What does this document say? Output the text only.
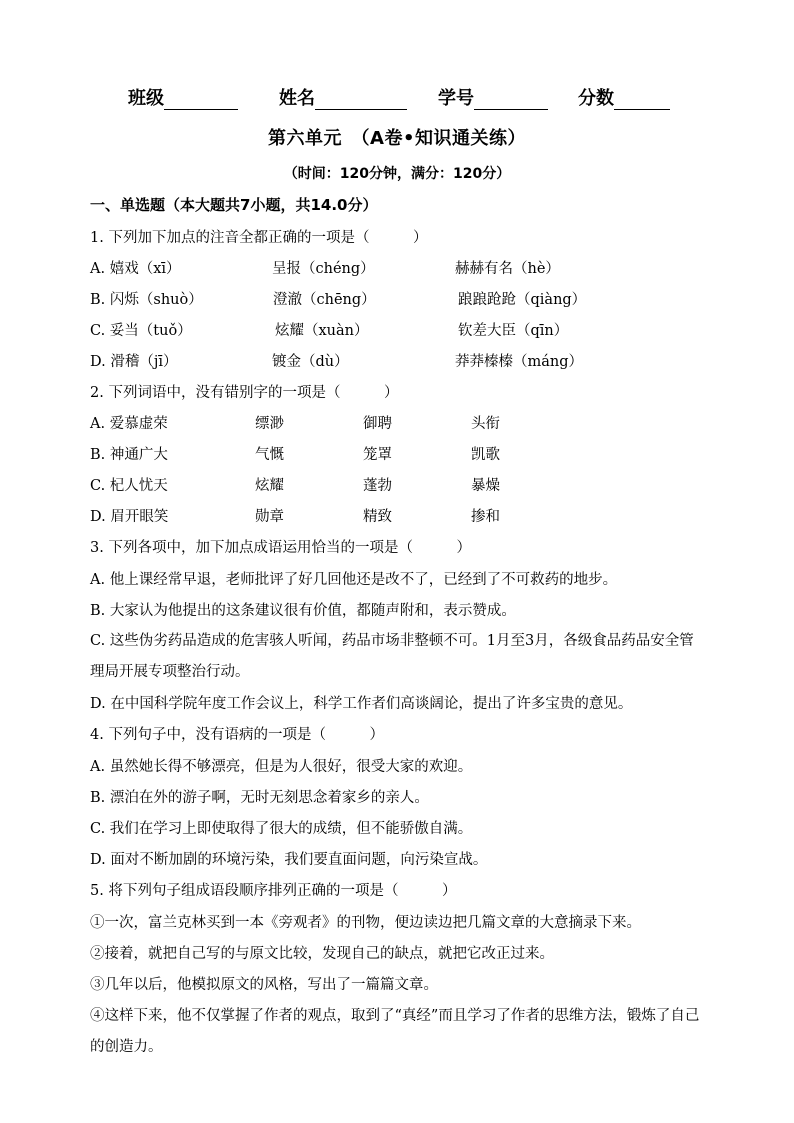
班级	姓名	学号	分数
第六单元　（A卷•知识通关练）
（时间：120分钟，满分：120分）
一、单选题（本大题共7小题，共14.0分）
1. 下列加下加点的注音全都正确的一项是（　　　）
A. 嬉戏（xī）	呈报（chéng）	赫赫有名（hè）
B. 闪烁（shuò）	澄澈（chēng）	踉踉跄跄（qiàng）
C. 妥当（tuǒ）	炫耀（xuàn）	钦差大臣（qīn）
D. 滑稽（jī）	镀金（dù）	莽莽榛榛（máng）
2. 下列词语中，没有错别字的一项是（　　　）
A. 爱慕虚荣	缥渺	御聘	头衔
B. 神通广大	气慨	笼罩	凯歌
C. 杞人忧天	炫耀	蓬勃	暴燥
D. 眉开眼笑	勋章	精致	掺和
3. 下列各项中，加下加点成语运用恰当的一项是（　　　）
A. 他上课经常早退，老师批评了好几回他还是改不了，已经到了不可救药的地步。
B. 大家认为他提出的这条建议很有价值，都随声附和，表示赞成。
C. 这些伪劣药品造成的危害骇人听闻，药品市场非整顿不可。1月至3月，各级食品药品安全管理局开展专项整治行动。
D. 在中国科学院年度工作会议上，科学工作者们高谈阔论，提出了许多宝贵的意见。
4. 下列句子中，没有语病的一项是（　　　）
A. 虽然她长得不够漂亮，但是为人很好，很受大家的欢迎。
B. 漂泊在外的游子啊，无时无刻思念着家乡的亲人。
C. 我们在学习上即使取得了很大的成绩，但不能骄傲自满。
D. 面对不断加剧的环境污染，我们要直面问题，向污染宣战。
5. 将下列句子组成语段顺序排列正确的一项是（　　　）
①一次，富兰克林买到一本《旁观者》的刊物，便边读边把几篇文章的大意摘录下来。
②接着，就把自己写的与原文比较，发现自己的缺点，就把它改正过来。
③几年以后，他模拟原文的风格，写出了一篇篇文章。
④这样下来，他不仅掌握了作者的观点，取到了“真经”而且学习了作者的思维方法，锻炼了自己的创造力。
